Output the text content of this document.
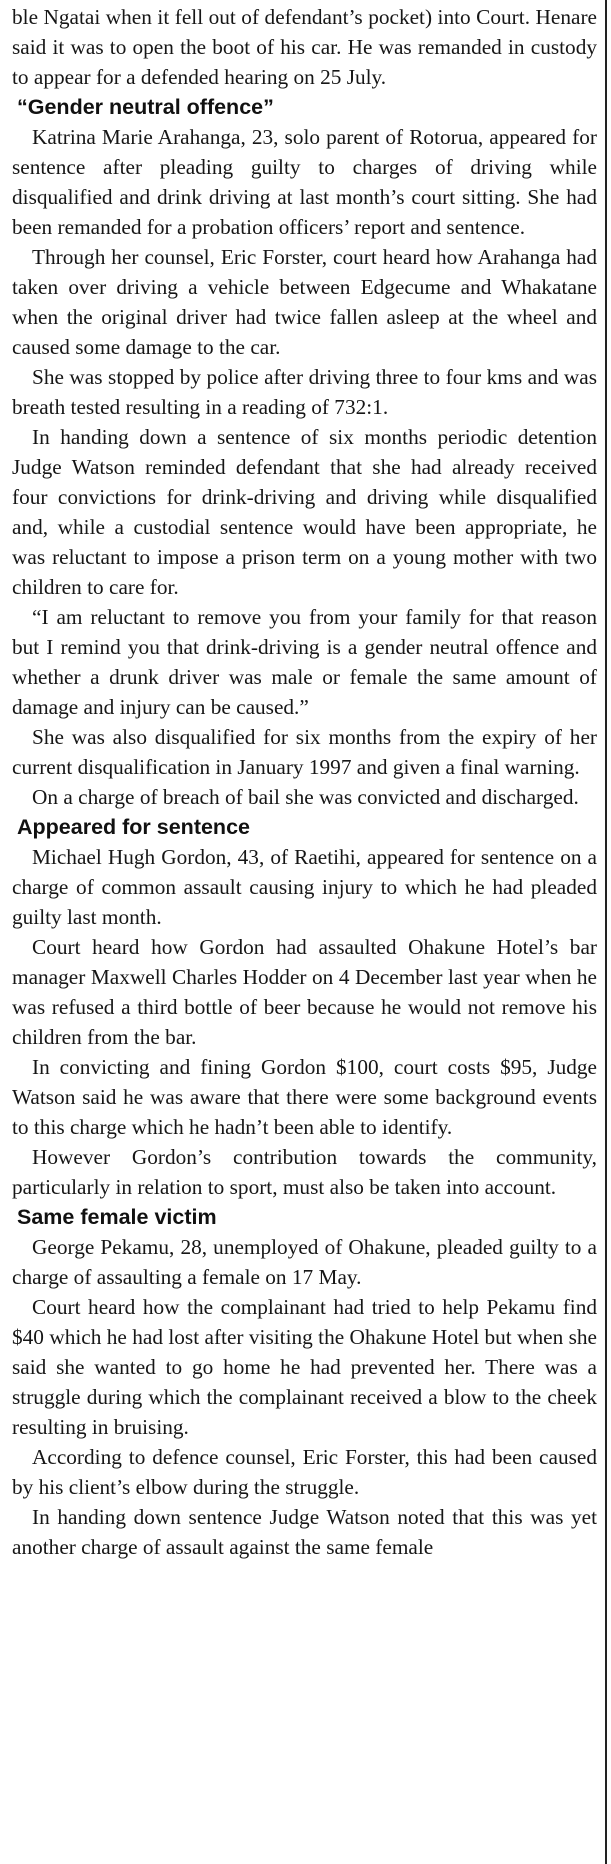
ble Ngatai when it fell out of defendant’s pocket) into Court. Henare said it was to open the boot of his car. He was remanded in custody to appear for a defended hearing on 25 July.

“Gender neutral offence”

Katrina Marie Arahanga, 23, solo parent of Rotorua, appeared for sentence after pleading guilty to charges of driving while disqualified and drink driving at last month’s court sitting. She had been remanded for a probation officers’ report and sentence.

Through her counsel, Eric Forster, court heard how Arahanga had taken over driving a vehicle between Edgecume and Whakatane when the original driver had twice fallen asleep at the wheel and caused some damage to the car.

She was stopped by police after driving three to four kms and was breath tested resulting in a reading of 732:1.

In handing down a sentence of six months periodic detention Judge Watson reminded defendant that she had already received four convictions for drink-driving and driving while disqualified and, while a custodial sentence would have been appropriate, he was reluctant to impose a prison term on a young mother with two children to care for.

“I am reluctant to remove you from your family for that reason but I remind you that drink-driving is a gender neutral offence and whether a drunk driver was male or female the same amount of damage and injury can be caused.”

She was also disqualified for six months from the expiry of her current disqualification in January 1997 and given a final warning.

On a charge of breach of bail she was convicted and discharged.

Appeared for sentence

Michael Hugh Gordon, 43, of Raetihi, appeared for sentence on a charge of common assault causing injury to which he had pleaded guilty last month.

Court heard how Gordon had assaulted Ohakune Hotel’s bar manager Maxwell Charles Hodder on 4 December last year when he was refused a third bottle of beer because he would not remove his children from the bar.

In convicting and fining Gordon $100, court costs $95, Judge Watson said he was aware that there were some background events to this charge which he hadn’t been able to identify.

However Gordon’s contribution towards the community, particularly in relation to sport, must also be taken into account.

Same female victim

George Pekamu, 28, unemployed of Ohakune, pleaded guilty to a charge of assaulting a female on 17 May.

Court heard how the complainant had tried to help Pekamu find $40 which he had lost after visiting the Ohakune Hotel but when she said she wanted to go home he had prevented her. There was a struggle during which the complainant received a blow to the cheek resulting in bruising.

According to defence counsel, Eric Forster, this had been caused by his client’s elbow during the struggle.

In handing down sentence Judge Watson noted that this was yet another charge of assault against the same female
